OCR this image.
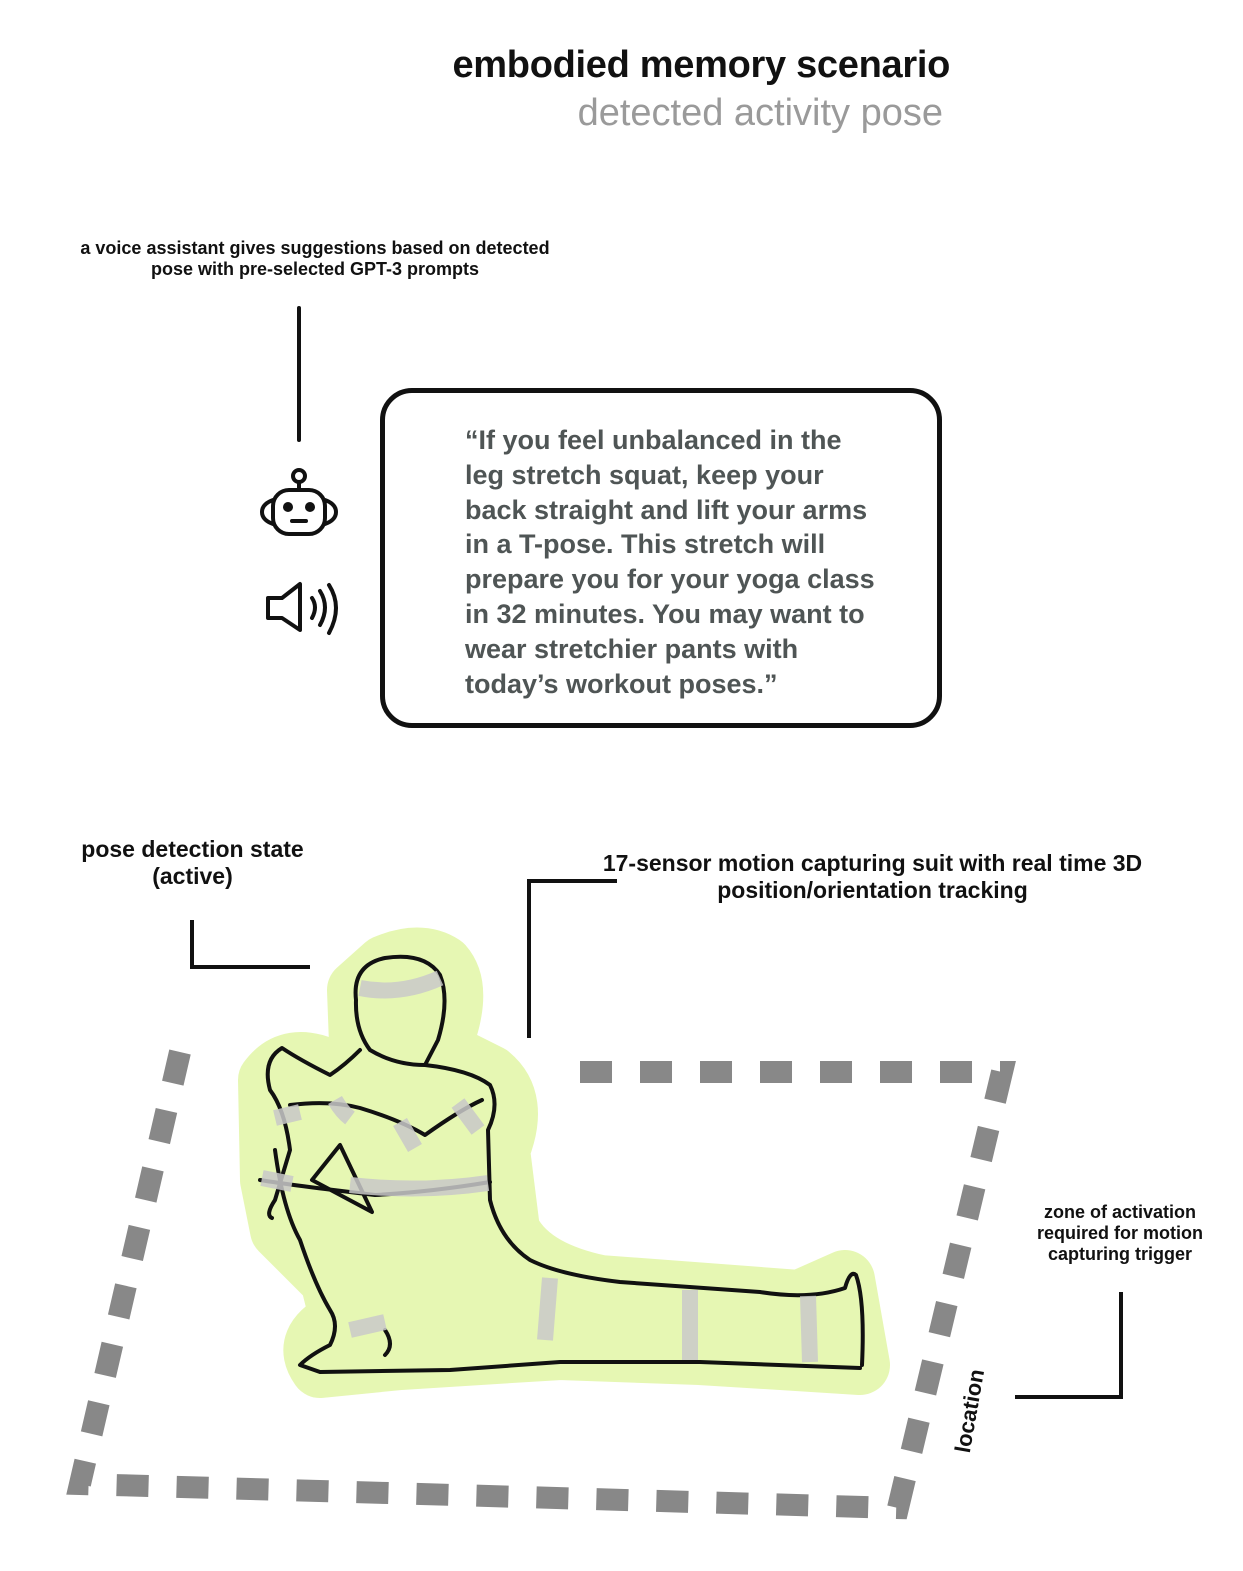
embodied memory scenario
detected activity pose
a voice assistant gives suggestions based on detected pose with pre-selected GPT-3 prompts
“If you feel unbalanced in the
leg stretch squat, keep your
back straight and lift your arms
in a T-pose. This stretch will
prepare you for your yoga class
in 32 minutes. You may want to
wear stretchier pants with
today’s workout poses.”
pose detection state (active)
17-sensor motion capturing suit with real time 3D position/orientation tracking
zone of activation required for motion capturing trigger
location
